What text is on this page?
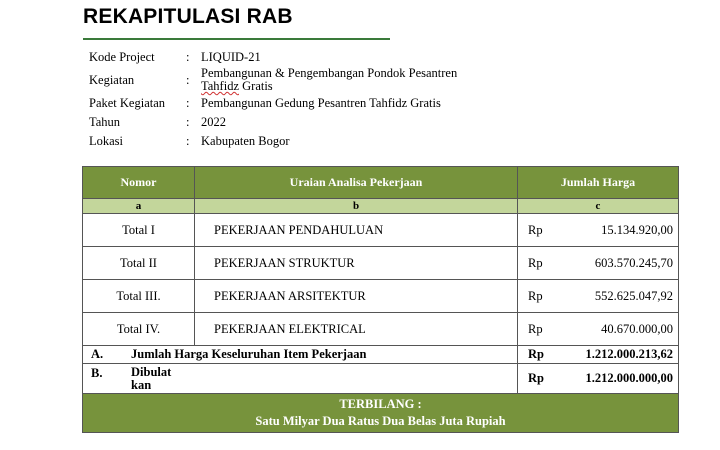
REKAPITULASI RAB
Kode Project	: LIQUID-21
Kegiatan	: Pembangunan & Pengembangan Pondok Pesantren
Tahfidz Gratis
Paket Kegiatan	: Pembangunan Gedung Pesantren Tahfidz Gratis
Tahun	: 2022
Lokasi	: Kabupaten Bogor
Nomor	Uraian Analisa Pekerjaan	Jumlah Harga
a	b	c
Total I	PEKERJAAN PENDAHULUAN	Rp 15.134.920,00

Total II	PEKERJAAN STRUKTUR	Rp 603.570.245,70

Total III.	PEKERJAAN ARSITEKTUR	Rp 552.625.047,92

Total IV.	PEKERJAAN ELEKTRICAL	Rp 40.670.000,00

A. Jumlah Harga Keseluruhan Item Pekerjaan		Rp 1.212.000.213,62

B. Dibulat
kan		Rp 1.212.000.000,00

TERBILANG :
Satu Milyar Dua Ratus Dua Belas Juta Rupiah		
